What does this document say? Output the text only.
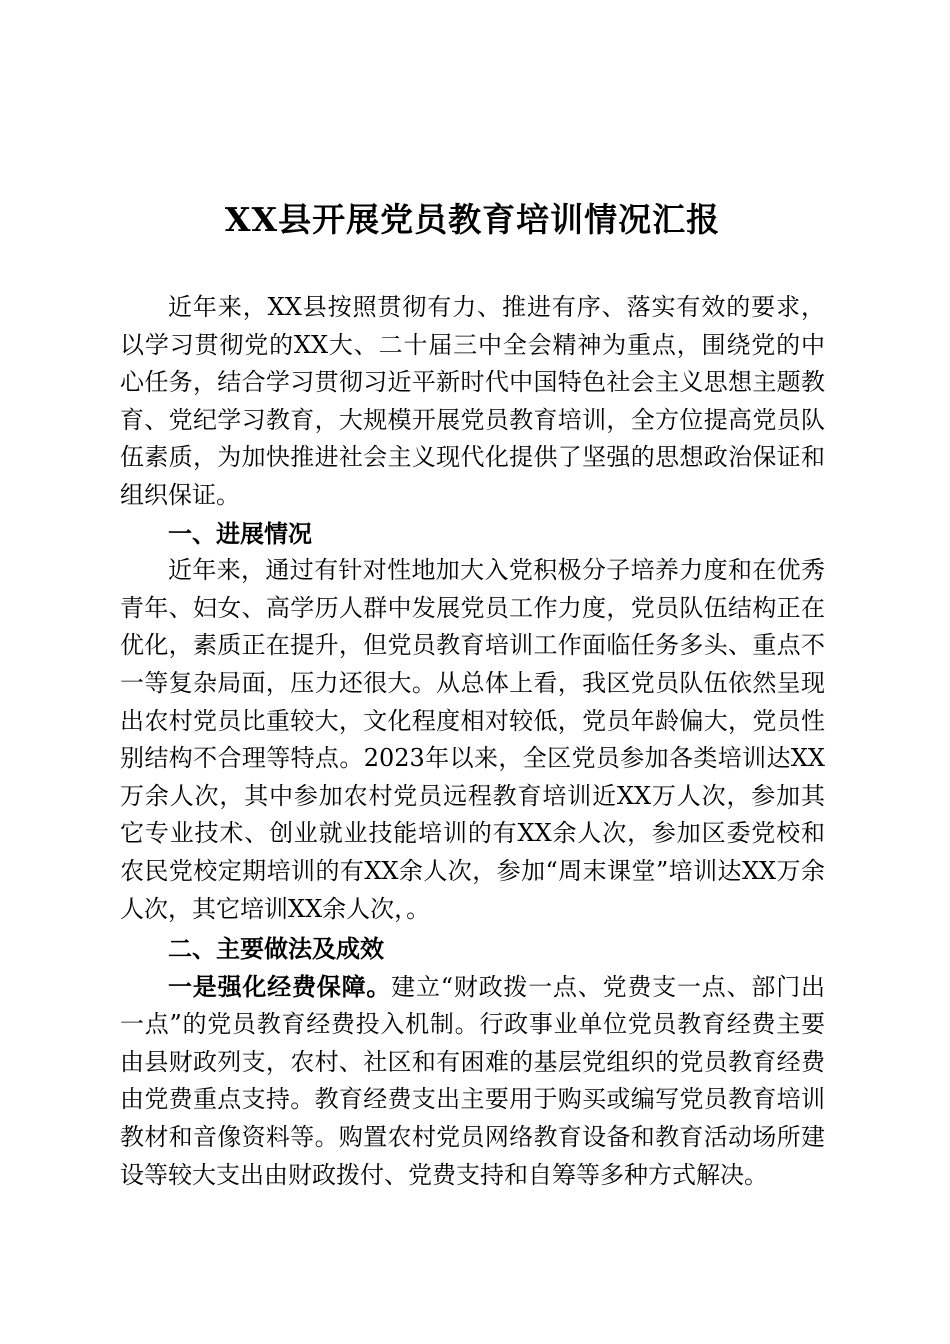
XX县开展党员教育培训情况汇报

近年来，XX县按照贯彻有力、推进有序、落实有效的要求，以学习贯彻党的XX大、二十届三中全会精神为重点，围绕党的中心任务，结合学习贯彻习近平新时代中国特色社会主义思想主题教育、党纪学习教育，大规模开展党员教育培训，全方位提高党员队伍素质，为加快推进社会主义现代化提供了坚强的思想政治保证和组织保证。

一、进展情况

近年来，通过有针对性地加大入党积极分子培养力度和在优秀青年、妇女、高学历人群中发展党员工作力度，党员队伍结构正在优化，素质正在提升，但党员教育培训工作面临任务多头、重点不一等复杂局面，压力还很大。从总体上看，我区党员队伍依然呈现出农村党员比重较大，文化程度相对较低，党员年龄偏大，党员性别结构不合理等特点。2023年以来，全区党员参加各类培训达XX万余人次，其中参加农村党员远程教育培训近XX万人次，参加其它专业技术、创业就业技能培训的有XX余人次，参加区委党校和农民党校定期培训的有XX余人次，参加“周末课堂”培训达XX万余人次，其它培训XX余人次，。

二、主要做法及成效

一是强化经费保障。建立“财政拨一点、党费支一点、部门出一点”的党员教育经费投入机制。行政事业单位党员教育经费主要由县财政列支，农村、社区和有困难的基层党组织的党员教育经费由党费重点支持。教育经费支出主要用于购买或编写党员教育培训教材和音像资料等。购置农村党员网络教育设备和教育活动场所建设等较大支出由财政拨付、党费支持和自筹等多种方式解决。
